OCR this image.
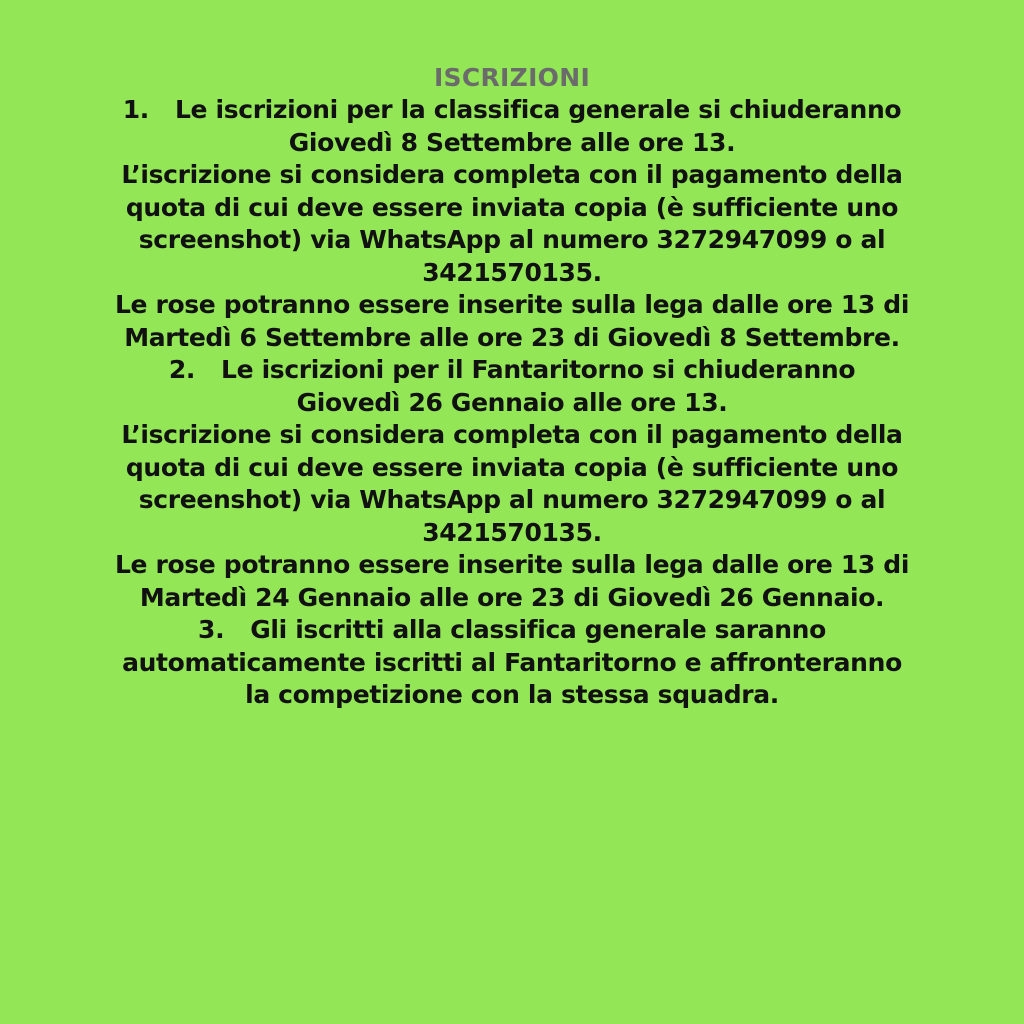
ISCRIZIONI
1. Le iscrizioni per la classifica generale si chiuderanno
Giovedì 8 Settembre alle ore 13.
L’iscrizione si considera completa con il pagamento della
quota di cui deve essere inviata copia (è sufficiente uno
screenshot) via WhatsApp al numero 3272947099 o al
3421570135.
Le rose potranno essere inserite sulla lega dalle ore 13 di
Martedì 6 Settembre alle ore 23 di Giovedì 8 Settembre.
2. Le iscrizioni per il Fantaritorno si chiuderanno
Giovedì 26 Gennaio alle ore 13.
L’iscrizione si considera completa con il pagamento della
quota di cui deve essere inviata copia (è sufficiente uno
screenshot) via WhatsApp al numero 3272947099 o al
3421570135.
Le rose potranno essere inserite sulla lega dalle ore 13 di
Martedì 24 Gennaio alle ore 23 di Giovedì 26 Gennaio.
3. Gli iscritti alla classifica generale saranno
automaticamente iscritti al Fantaritorno e affronteranno
la competizione con la stessa squadra.
